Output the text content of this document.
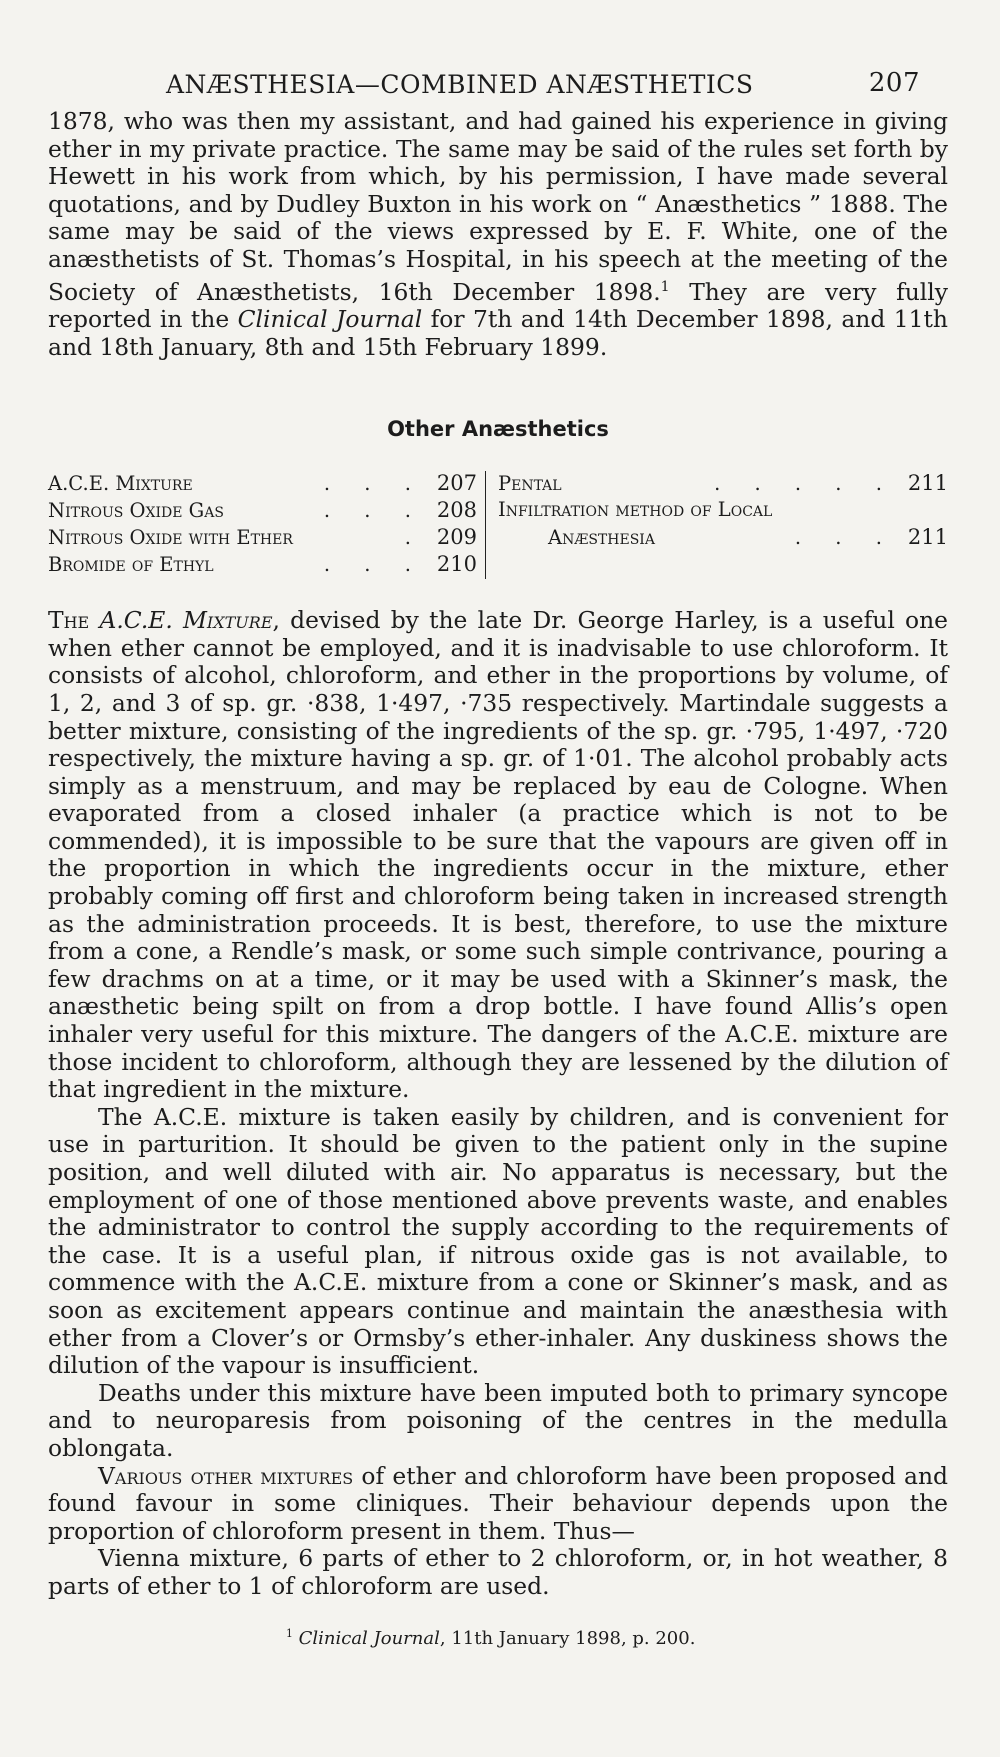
ANÆSTHESIA—COMBINED ANÆSTHETICS	207

1878, who was then my assistant, and had gained his experience in giving ether in my private practice. The same may be said of the rules set forth by Hewett in his work from which, by his permission, I have made several quotations, and by Dudley Buxton in his work on “ Anæsthetics ” 1888. The same may be said of the views expressed by E. F. White, one of the anæsthetists of St. Thomas’s Hospital, in his speech at the meeting of the Society of Anæsthetists, 16th December 1898.$^1$ They are very fully reported in the Clinical Journal for 7th and 14th December 1898, and 11th and 18th January, 8th and 15th February 1899.

Other Anæsthetics
A.C.E. Mixture	. . . 207
Nitrous Oxide Gas	. . . 208
Nitrous Oxide with Ether	. 209
Bromide of Ethyl	. . . 210
Pental	. . . . . 211
Infiltration method of Local
Anæsthesia	. . . 211

The A.C.E. Mixture, devised by the late Dr. George Harley, is a useful one when ether cannot be employed, and it is inadvisable to use chloroform. It consists of alcohol, chloroform, and ether in the proportions by volume, of 1, 2, and 3 of sp. gr. ·838, 1·497, ·735 respectively. Martindale suggests a better mixture, consisting of the ingredients of the sp. gr. ·795, 1·497, ·720 respectively, the mixture having a sp. gr. of 1·01. The alcohol probably acts simply as a menstruum, and may be replaced by eau de Cologne. When evaporated from a closed inhaler (a practice which is not to be commended), it is impossible to be sure that the vapours are given off in the proportion in which the ingredients occur in the mixture, ether probably coming off first and chloroform being taken in increased strength as the administration proceeds. It is best, therefore, to use the mixture from a cone, a Rendle’s mask, or some such simple contrivance, pouring a few drachms on at a time, or it may be used with a Skinner’s mask, the anæsthetic being spilt on from a drop bottle. I have found Allis’s open inhaler very useful for this mixture. The dangers of the A.C.E. mixture are those incident to chloroform, although they are lessened by the dilution of that ingredient in the mixture.

The A.C.E. mixture is taken easily by children, and is convenient for use in parturition. It should be given to the patient only in the supine position, and well diluted with air. No apparatus is necessary, but the employment of one of those mentioned above prevents waste, and enables the administrator to control the supply according to the requirements of the case. It is a useful plan, if nitrous oxide gas is not available, to commence with the A.C.E. mixture from a cone or Skinner’s mask, and as soon as excitement appears continue and maintain the anæsthesia with ether from a Clover’s or Ormsby’s ether-inhaler. Any duskiness shows the dilution of the vapour is insufficient.

Deaths under this mixture have been imputed both to primary syncope and to neuroparesis from poisoning of the centres in the medulla oblongata.

Various other mixtures of ether and chloroform have been proposed and found favour in some cliniques. Their behaviour depends upon the proportion of chloroform present in them. Thus—

Vienna mixture, 6 parts of ether to 2 chloroform, or, in hot weather, 8 parts of ether to 1 of chloroform are used.

$^1$ Clinical Journal, 11th January 1898, p. 200.
